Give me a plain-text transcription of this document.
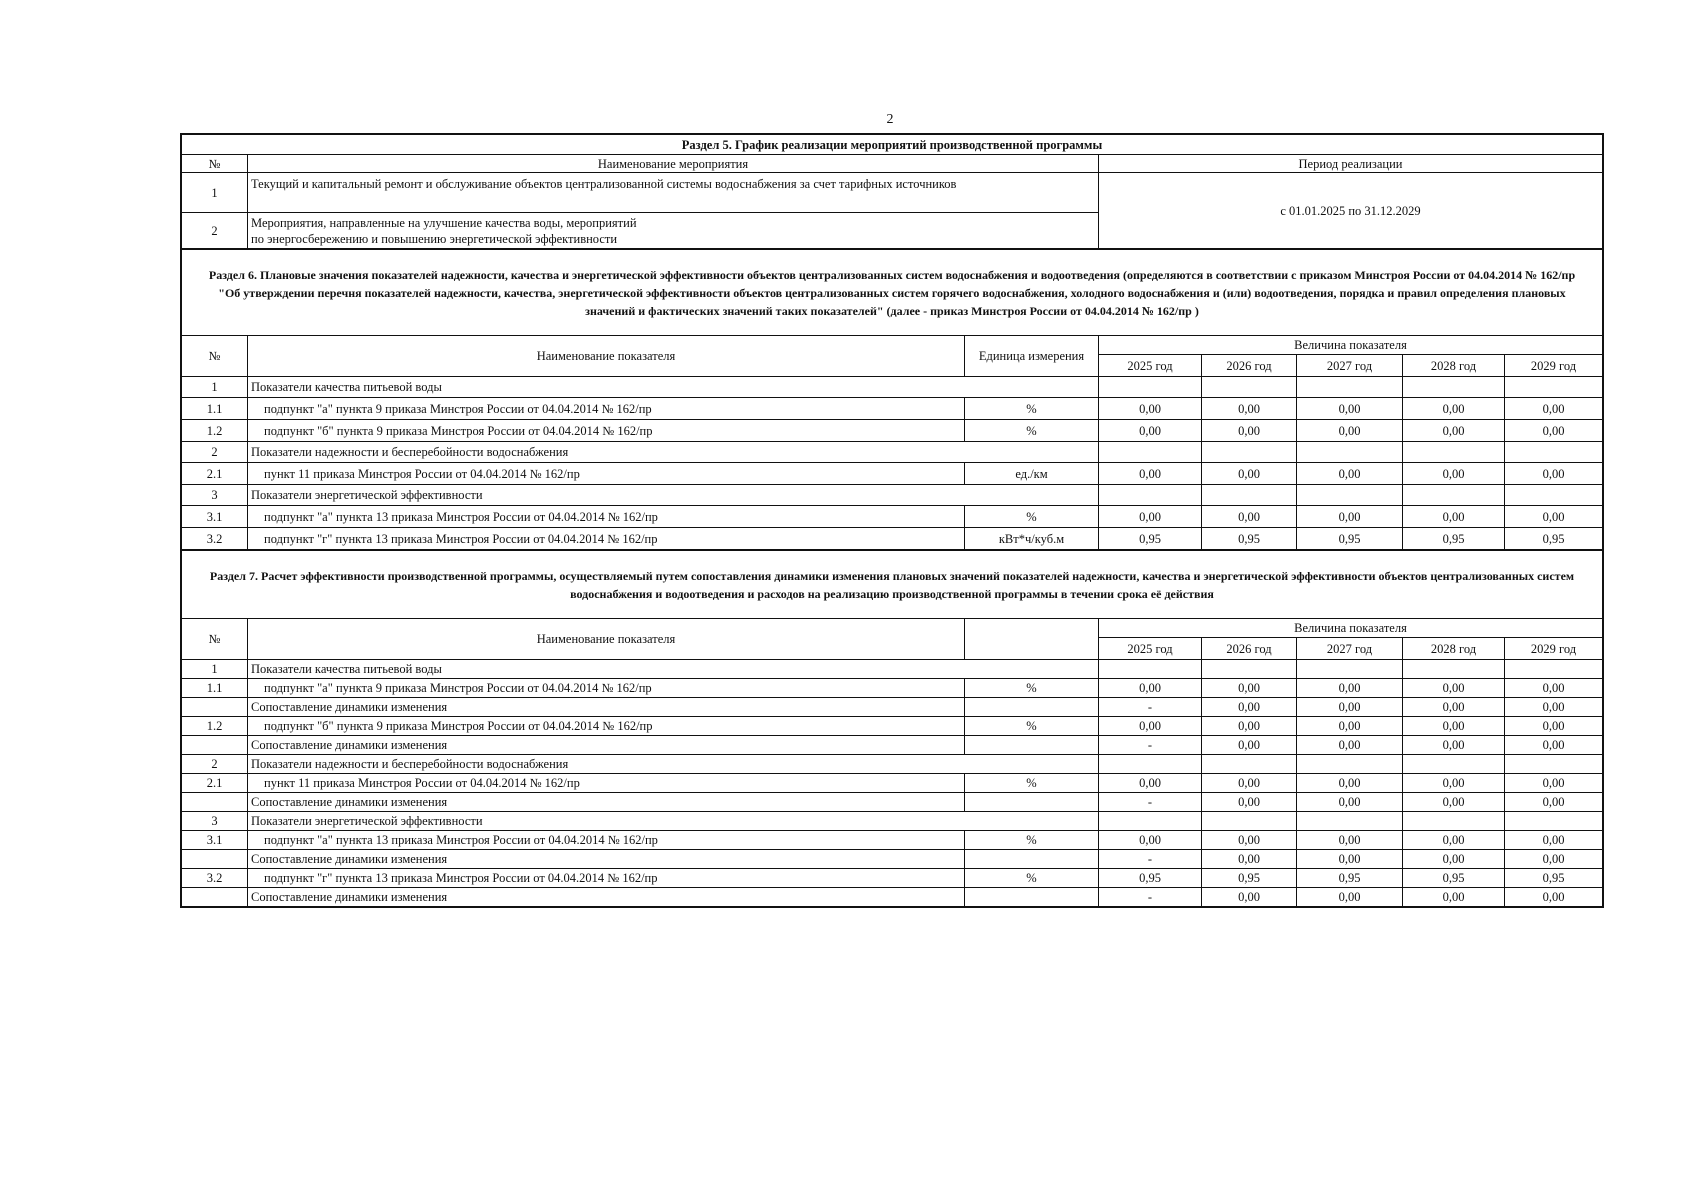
2
Раздел 5. График реализации мероприятий производственной программы		
№	Наименование мероприятия	Период реализации
1	Текущий и капитальный ремонт и обслуживание объектов централизованной системы водоснабжения за счет тарифных источников	с 01.01.2025 по 31.12.2029
2	Мероприятия, направленные на улучшение качества воды, мероприятий
по энергосбережению и повышению энергетической эффективности	
Раздел 6. Плановые значения показателей надежности, качества и энергетической эффективности объектов централизованных систем водоснабжения и водоотведения (определяются в соответствии с приказом Минстроя России от 04.04.2014 № 162/пр "Об утверждении перечня показателей надежности, качества, энергетической эффективности объектов централизованных систем горячего водоснабжения, холодного водоснабжения и (или) водоотведения, порядка и правил определения плановых значений и фактических значений таких показателей" (далее - приказ Минстроя России от 04.04.2014 № 162/пр )							
№	Наименование показателя	Единица измерения	Величина показателя				
			2025 год	2026 год	2027 год	2028 год	2029 год
1	Показатели качества питьевой воды						
1.1	подпункт "а" пункта 9 приказа Минстроя России от 04.04.2014 № 162/пр	%	0,00	0,00	0,00	0,00	0,00
1.2	подпункт "б" пункта 9 приказа Минстроя России от 04.04.2014 № 162/пр	%	0,00	0,00	0,00	0,00	0,00
2	Показатели надежности и бесперебойности водоснабжения						
2.1	пункт 11 приказа Минстроя России от 04.04.2014 № 162/пр	ед./км	0,00	0,00	0,00	0,00	0,00
3	Показатели энергетической эффективности						
3.1	подпункт "а" пункта 13 приказа Минстроя России от 04.04.2014 № 162/пр	%	0,00	0,00	0,00	0,00	0,00
3.2	подпункт "г" пункта 13 приказа Минстроя России от 04.04.2014 № 162/пр	кВт*ч/куб.м	0,95	0,95	0,95	0,95	0,95
Раздел 7. Расчет эффективности производственной программы, осуществляемый путем сопоставления динамики изменения плановых значений показателей надежности, качества и энергетической эффективности объектов централизованных систем водоснабжения и водоотведения и расходов на реализацию производственной программы в течении срока её действия							
№	Наименование показателя		Величина показателя				
			2025 год	2026 год	2027 год	2028 год	2029 год
1	Показатели качества питьевой воды						
1.1	подпункт "а" пункта 9 приказа Минстроя России от 04.04.2014 № 162/пр	%	0,00	0,00	0,00	0,00	0,00
	Сопоставление динамики изменения		-	0,00	0,00	0,00	0,00
1.2	подпункт "б" пункта 9 приказа Минстроя России от 04.04.2014 № 162/пр	%	0,00	0,00	0,00	0,00	0,00
	Сопоставление динамики изменения		-	0,00	0,00	0,00	0,00
2	Показатели надежности и бесперебойности водоснабжения						
2.1	пункт 11 приказа Минстроя России от 04.04.2014 № 162/пр	%	0,00	0,00	0,00	0,00	0,00
	Сопоставление динамики изменения		-	0,00	0,00	0,00	0,00
3	Показатели энергетической эффективности						
3.1	подпункт "а" пункта 13 приказа Минстроя России от 04.04.2014 № 162/пр	%	0,00	0,00	0,00	0,00	0,00
	Сопоставление динамики изменения		-	0,00	0,00	0,00	0,00
3.2	подпункт "г" пункта 13 приказа Минстроя России от 04.04.2014 № 162/пр	%	0,95	0,95	0,95	0,95	0,95
	Сопоставление динамики изменения		-	0,00	0,00	0,00	0,00
